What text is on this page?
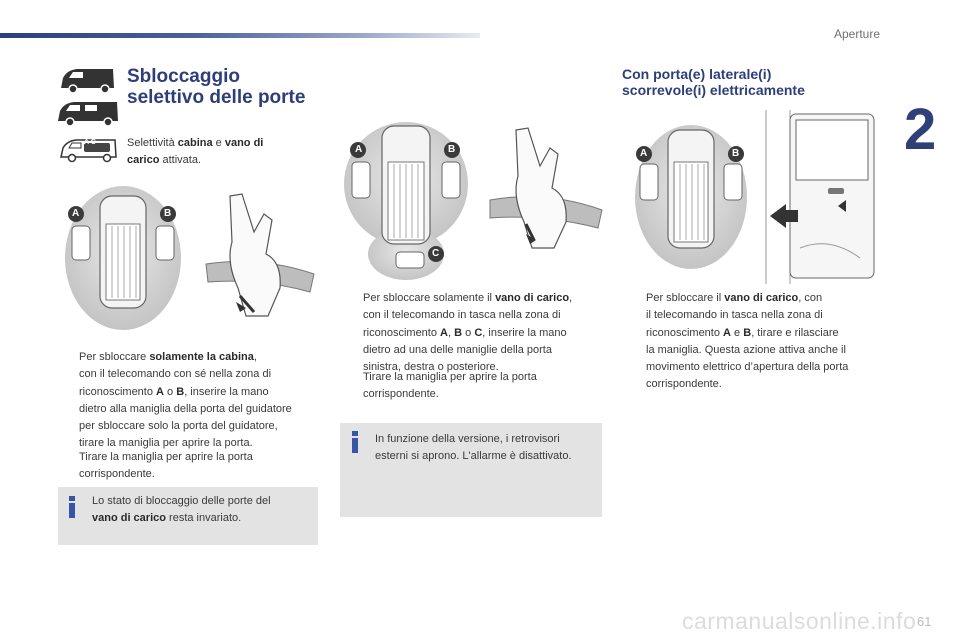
Aperture
2
A C
Sbloccaggio
selettivo delle porte
Selettività cabina e vano di
carico attivata.
A	B
Per sbloccare solamente la cabina,
con il telecomando con sé nella zona di
riconoscimento A o B, inserire la mano
dietro alla maniglia della porta del guidatore
per sbloccare solo la porta del guidatore,
tirare la maniglia per aprire la porta.
Tirare la maniglia per aprire la porta
corrispondente.
Lo stato di bloccaggio delle porte del
vano di carico resta invariato.
A	B
C
Per sbloccare solamente il vano di carico,
con il telecomando in tasca nella zona di
riconoscimento A, B o C, inserire la mano
dietro ad una delle maniglie della porta
sinistra, destra o posteriore.
Tirare la maniglia per aprire la porta
corrispondente.
In funzione della versione, i retrovisori
esterni si aprono. L'allarme è disattivato.
Con porta(e) laterale(i)
scorrevole(i) elettricamente
A	B
Per sbloccare il vano di carico, con
il telecomando in tasca nella zona di
riconoscimento A e B, tirare e rilasciare
la maniglia. Questa azione attiva anche il
movimento elettrico d’apertura della porta
corrispondente.
carmanualsonline.info 61
